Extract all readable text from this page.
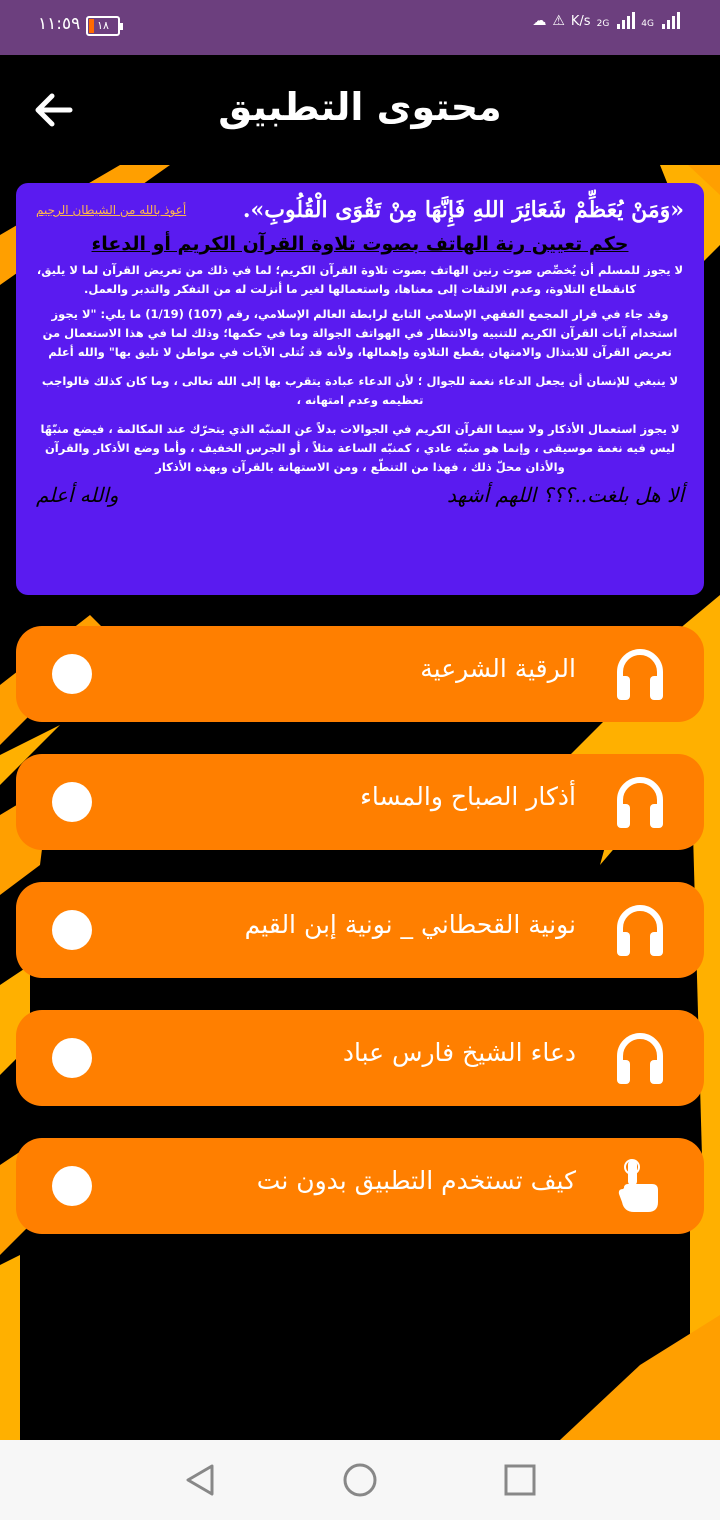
١١:٥٩	١٨	☁ ⚠ K/s 2G	4G
محتوى التطبيق
«وَمَنْ يُعَظِّمْ شَعَائِرَ اللهِ فَإِنَّهَا مِنْ تَقْوَى الْقُلُوبِ».
أعوذ بالله من الشيطان الرجيم
حكم تعيين رنة الهاتف بصوت تلاوة القرآن الكريم أو الدعاء
لا يجوز للمسلم أن يُخصِّص صوت رنين الهاتف بصوت تلاوة القرآن الكريم؛ لما في ذلك من تعريض القرآن لما لا يليق، كانقطاع التلاوة، وعدم الالتفات إلى معناها، واستعمالها لغير ما أنزلت له من التفكر والتدبر والعمل.
وقد جاء في قرار المجمع الفقهي الإسلامي التابع لرابطة العالم الإسلامي، رقم (107) (1/19) ما يلي: "لا يجوز استخدام آيات القرآن الكريم للتنبيه والانتظار في الهواتف الجوالة وما في حكمها؛ وذلك لما في هذا الاستعمال من تعريض القرآن للابتذال والامتهان بقطع التلاوة وإهمالها، ولأنه قد تُتلى الآيات في مواطن لا تليق بها" والله أعلم
لا ينبغي للإنسان أن يجعل الدعاء نغمة للجوال ؛ لأن الدعاء عبادة يتقرب بها إلى الله تعالى ، وما كان كذلك فالواجب تعظيمه وعدم امتهانه ،
لا يجوز استعمال الأذكار ولا سيما القرآن الكريم في الجوالات بدلاً عن المنبّه الذي يتحرّك عند المكالمة ، فيضع منبّهًا ليس فيه نغمة موسيقى ، وإنما هو منبّه عادي ، كمنبّه الساعة مثلاً ، أو الجرس الخفيف ، وأما وضع الأذكار والقرآن والأذان محلّ ذلك ، فهذا من التنطّع ، ومن الاستهانة بالقرآن وبهذه الأذكار
ألا هل بلغت..؟؟؟ اللهم أشهد
والله أعلم
الرقية الشرعية
أذكار الصباح والمساء
نونية القحطاني _ نونية إبن القيم
دعاء الشيخ فارس عباد
كيف تستخدم التطبيق بدون نت
